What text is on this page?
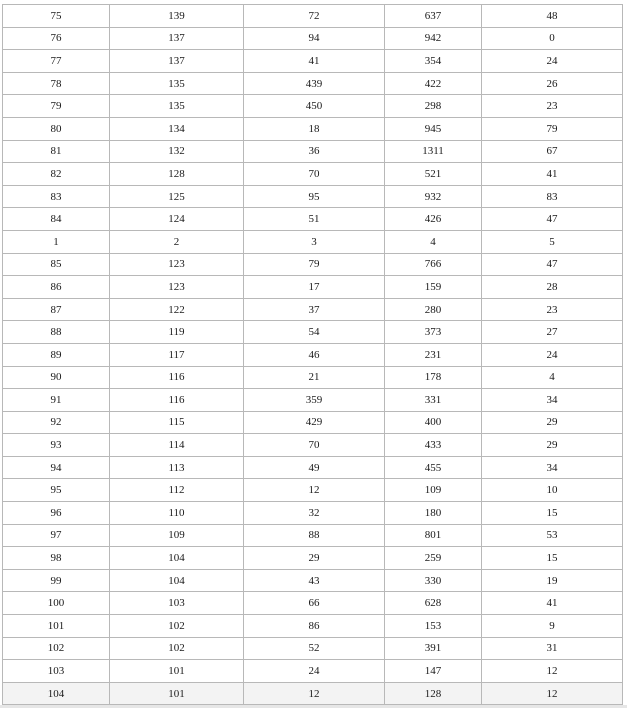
75	139	72	637	48
76	137	94	942	0
77	137	41	354	24
78	135	439	422	26
79	135	450	298	23
80	134	18	945	79
81	132	36	1311	67
82	128	70	521	41
83	125	95	932	83
84	124	51	426	47
1	2	3	4	5
85	123	79	766	47
86	123	17	159	28
87	122	37	280	23
88	119	54	373	27
89	117	46	231	24
90	116	21	178	4
91	116	359	331	34
92	115	429	400	29
93	114	70	433	29
94	113	49	455	34
95	112	12	109	10
96	110	32	180	15
97	109	88	801	53
98	104	29	259	15
99	104	43	330	19
100	103	66	628	41
101	102	86	153	9
102	102	52	391	31
103	101	24	147	12
104	101	12	128	12
